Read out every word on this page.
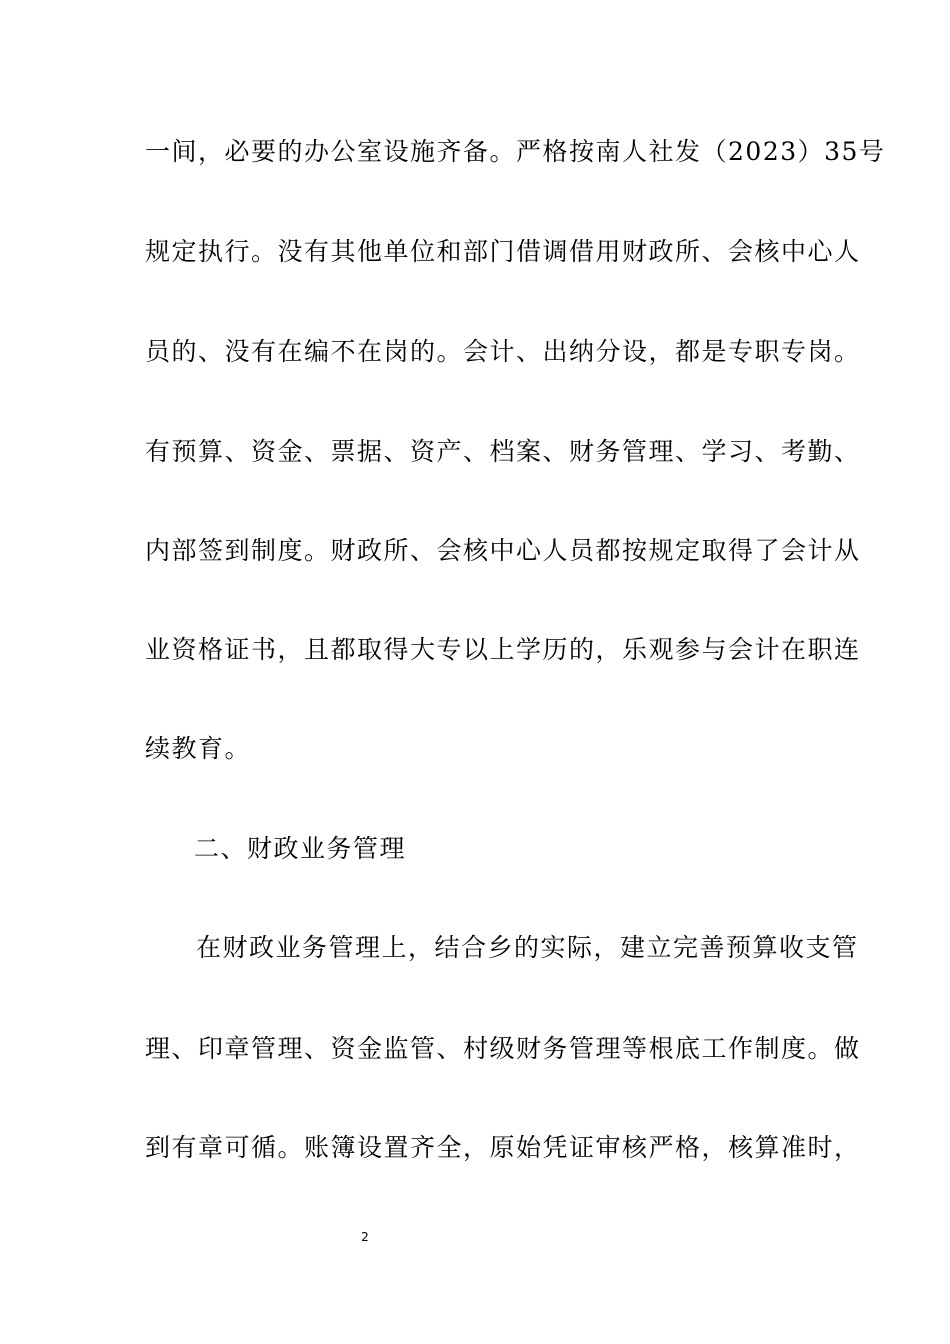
一间，必要的办公室设施齐备。严格按南人社发（2023）35号
规定执行。没有其他单位和部门借调借用财政所、会核中心人
员的、没有在编不在岗的。会计、出纳分设，都是专职专岗。
有预算、资金、票据、资产、档案、财务管理、学习、考勤、
内部签到制度。财政所、会核中心人员都按规定取得了会计从
业资格证书，且都取得大专以上学历的，乐观参与会计在职连
续教育。
二、财政业务管理
在财政业务管理上，结合乡的实际，建立完善预算收支管
理、印章管理、资金监管、村级财务管理等根底工作制度。做
到有章可循。账簿设置齐全，原始凭证审核严格，核算准时，
2
